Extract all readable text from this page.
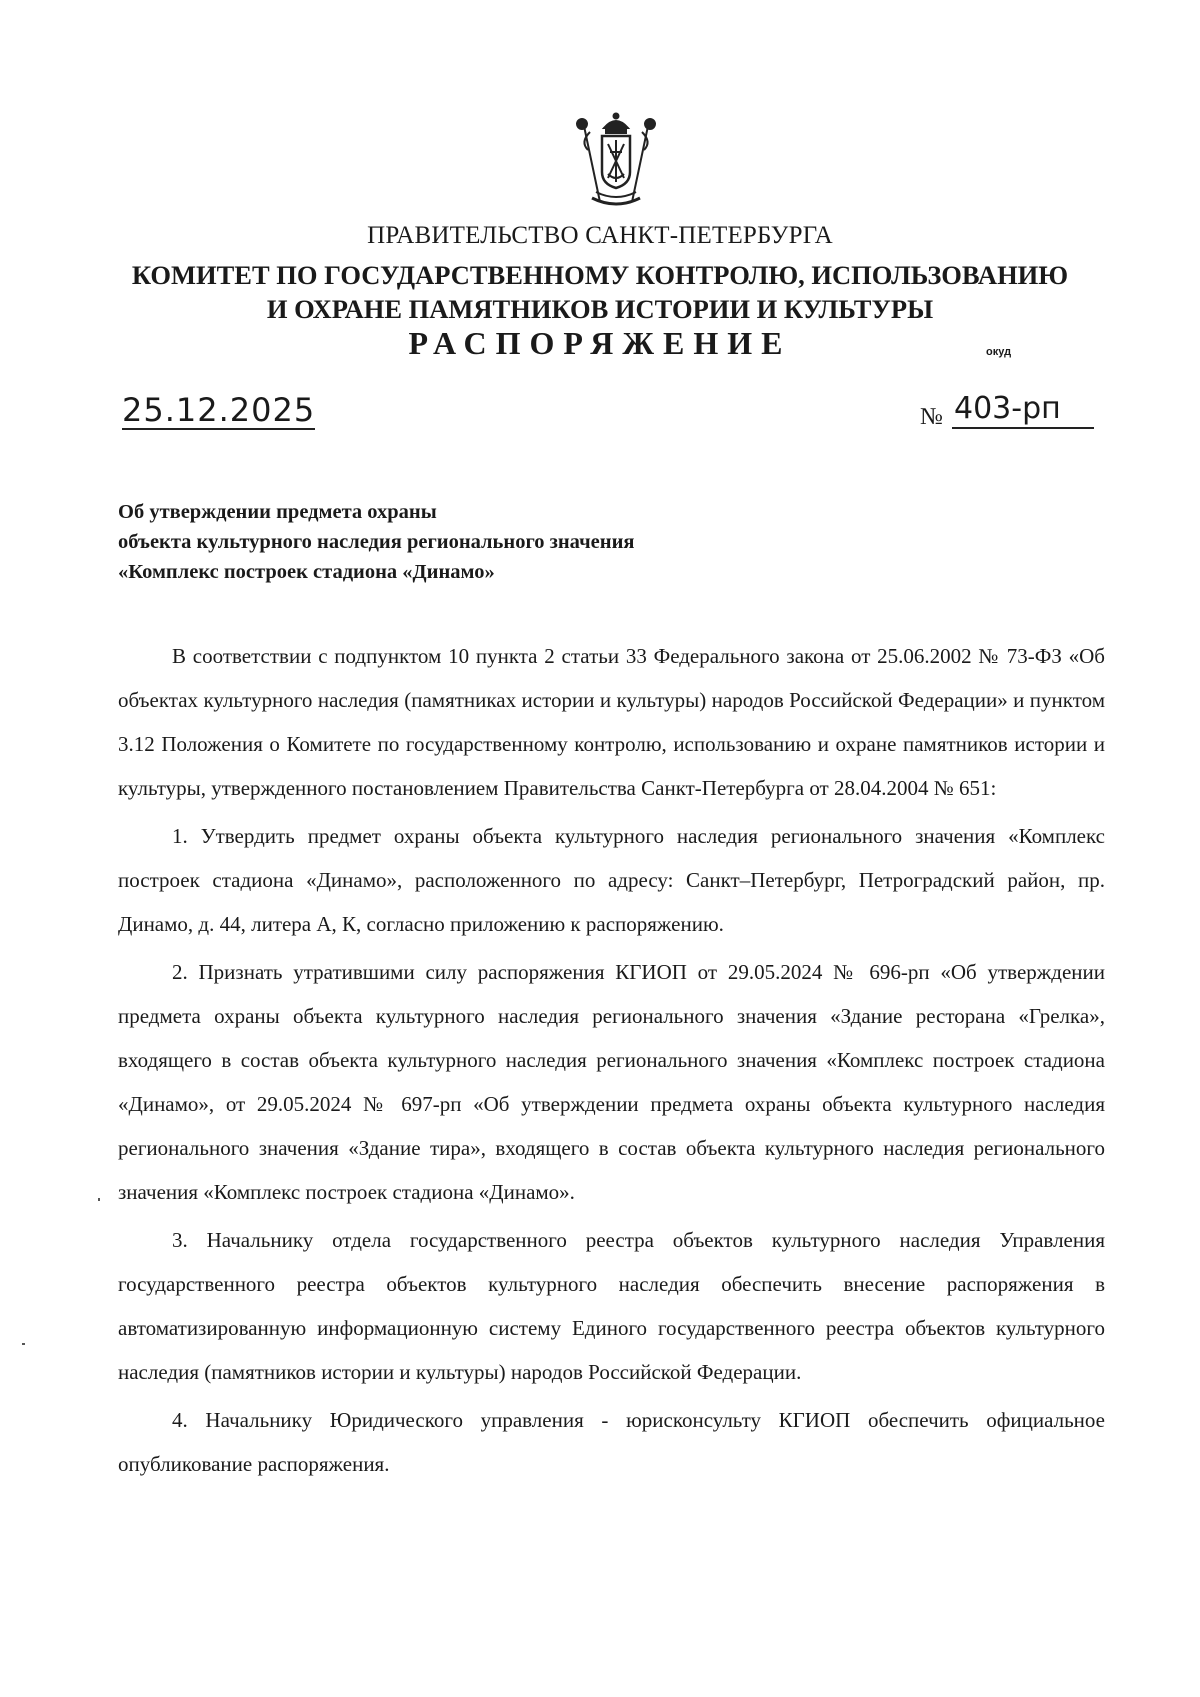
ПРАВИТЕЛЬСТВО САНКТ-ПЕТЕРБУРГА
КОМИТЕТ ПО ГОСУДАРСТВЕННОМУ КОНТРОЛЮ, ИСПОЛЬЗОВАНИЮ
И ОХРАНЕ ПАМЯТНИКОВ ИСТОРИИ И КУЛЬТУРЫ
РАСПОРЯЖЕНИЕ	окуд
25.12.2025	№ 403-рп
Об утверждении предмета охраны
объекта культурного наследия регионального значения
«Комплекс построек стадиона «Динамо»

В соответствии с подпунктом 10 пункта 2 статьи 33 Федерального закона от 25.06.2002 № 73-ФЗ «Об объектах культурного наследия (памятниках истории и культуры) народов Российской Федерации» и пунктом 3.12 Положения о Комитете по государственному контролю, использованию и охране памятников истории и культуры, утвержденного постановлением Правительства Санкт-Петербурга от 28.04.2004 № 651:

1. Утвердить предмет охраны объекта культурного наследия регионального значения «Комплекс построек стадиона «Динамо», расположенного по адресу: Санкт–Петербург, Петроградский район, пр. Динамо, д. 44, литера А, К, согласно приложению к распоряжению.

2. Признать утратившими силу распоряжения КГИОП от 29.05.2024 № 696-рп «Об утверждении предмета охраны объекта культурного наследия регионального значения «Здание ресторана «Грелка», входящего в состав объекта культурного наследия регионального значения «Комплекс построек стадиона «Динамо», от 29.05.2024 № 697-рп «Об утверждении предмета охраны объекта культурного наследия регионального значения «Здание тира», входящего в состав объекта культурного наследия регионального значения «Комплекс построек стадиона «Динамо».

3. Начальнику отдела государственного реестра объектов культурного наследия Управления государственного реестра объектов культурного наследия обеспечить внесение распоряжения в автоматизированную информационную систему Единого государственного реестра объектов культурного наследия (памятников истории и культуры) народов Российской Федерации.

4. Начальнику Юридического управления - юрисконсульту КГИОП обеспечить официальное опубликование распоряжения.
